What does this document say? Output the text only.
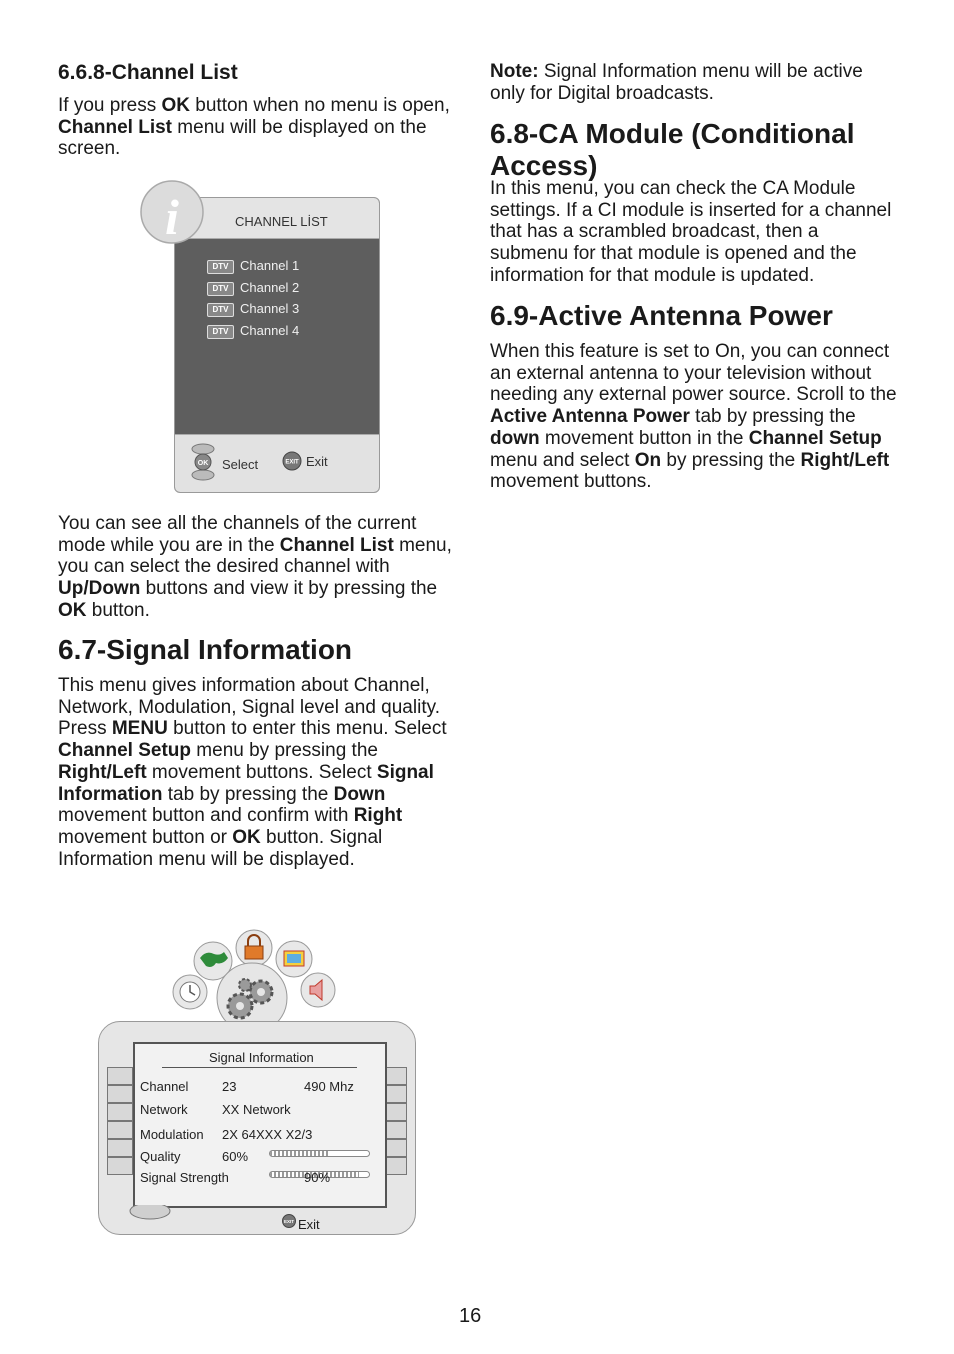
6.6.8-Channel List

If you press OK button when no menu is open, Channel List menu will be displayed on the screen.

CHANNEL LİST
OK Select	EXIT Exit
i
DTV Channel 1
DTV Channel 2
DTV Channel 3
DTV Channel 4

You can see all the channels of the current mode while you are in the Channel List menu, you can select the desired channel with Up/Down buttons and view it by pressing the OK button.

6.7-Signal Information

This menu gives information about Channel, Network, Modulation, Signal level and quality. Press MENU button to enter this menu. Select Channel Setup menu by pressing the Right/Left movement buttons. Select Signal Information tab by pressing the Down movement button and confirm with Right movement button or OK button. Signal Information menu will be displayed.

Signal Information
Channel	23	490 Mhz
Network	XX Network
Modulation 2X 64XXX X2/3
Quality	60%
Signal Strength	90%
EXIT Exit

Note: Signal Information menu will be active only for Digital broadcasts.

6.8-CA Module (Conditional Access)

In this menu, you can check the CA Module settings. If a CI module is inserted for a channel that has a scrambled broadcast, then a submenu for that module is opened and the information for that module is updated.

6.9-Active Antenna Power

When this feature is set to On, you can connect an external antenna to your television without needing any external power source. Scroll to the Active Antenna Power tab by pressing the down movement button in the Channel Setup menu and select On by pressing the Right/Left movement buttons.

16
